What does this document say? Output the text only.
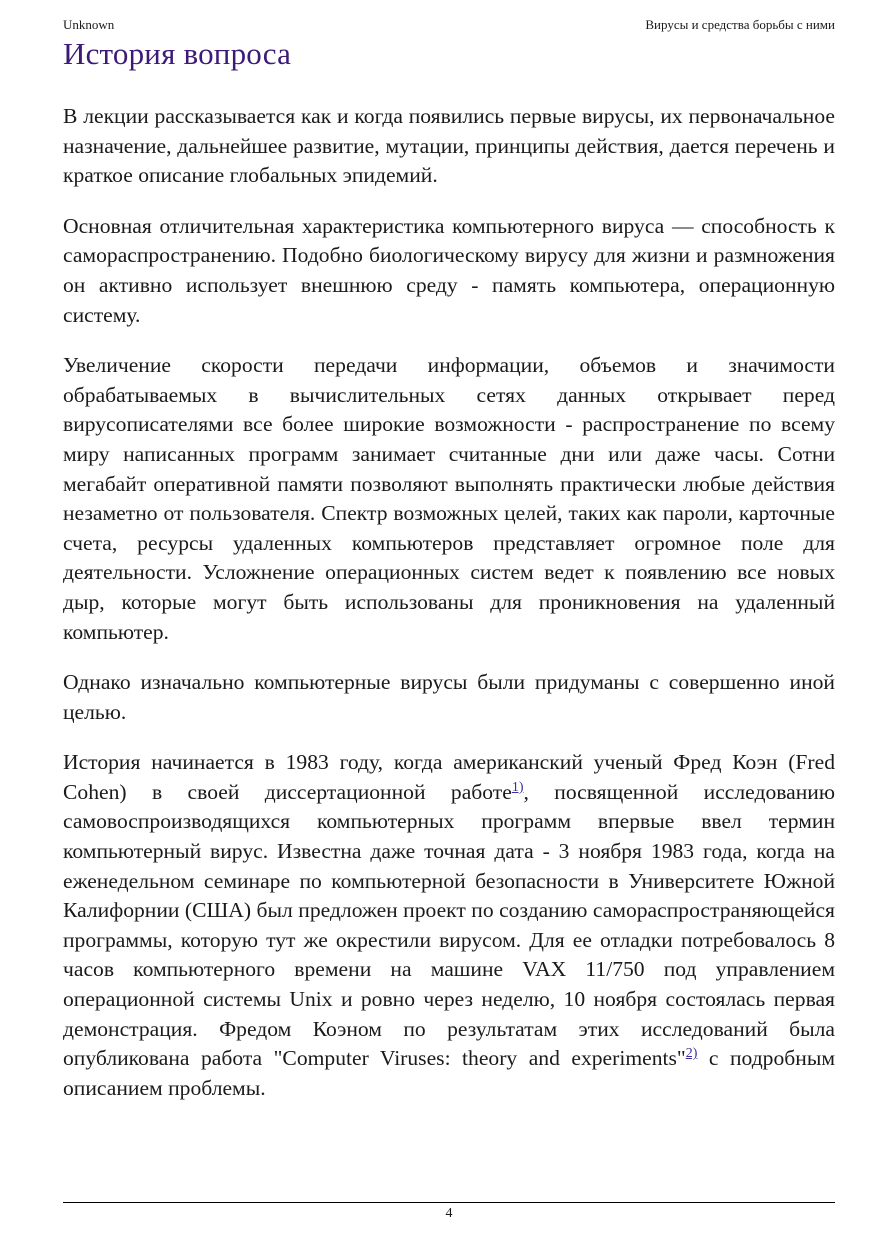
Unknown	Вирусы и средства борьбы с ними
История вопроса

В лекции рассказывается как и когда появились первые вирусы, их первоначальное назначение, дальнейшее развитие, мутации, принципы действия, дается перечень и краткое описание глобальных эпидемий.

Основная отличительная характеристика компьютерного вируса — способность к самораспространению. Подобно биологическому вирусу для жизни и размножения он активно использует внешнюю среду - память компьютера, операционную систему.

Увеличение скорости передачи информации, объемов и значимости обрабатываемых в вычислительных сетях данных открывает перед вирусописателями все более широкие возможности - распространение по всему миру написанных программ занимает считанные дни или даже часы. Сотни мегабайт оперативной памяти позволяют выполнять практически любые действия незаметно от пользователя. Спектр возможных целей, таких как пароли, карточные счета, ресурсы удаленных компьютеров представляет огромное поле для деятельности. Усложнение операционных систем ведет к появлению все новых дыр, которые могут быть использованы для проникновения на удаленный компьютер.

Однако изначально компьютерные вирусы были придуманы с совершенно иной целью.

История начинается в 1983 году, когда американский ученый Фред Коэн (Fred Cohen) в своей диссертационной работе$^{1)}$, посвященной исследованию самовоспроизводящихся компьютерных программ впервые ввел термин компьютерный вирус. Известна даже точная дата - 3 ноября 1983 года, когда на еженедельном семинаре по компьютерной безопасности в Университете Южной Калифорнии (США) был предложен проект по созданию самораспространяющейся программы, которую тут же окрестили вирусом. Для ее отладки потребовалось 8 часов компьютерного времени на машине VAX 11/750 под управлением операционной системы Unix и ровно через неделю, 10 ноября состоялась первая демонстрация. Фредом Коэном по результатам этих исследований была опубликована работа "Computer Viruses: theory and experiments"$^{2)}$ с подробным описанием проблемы.

4
